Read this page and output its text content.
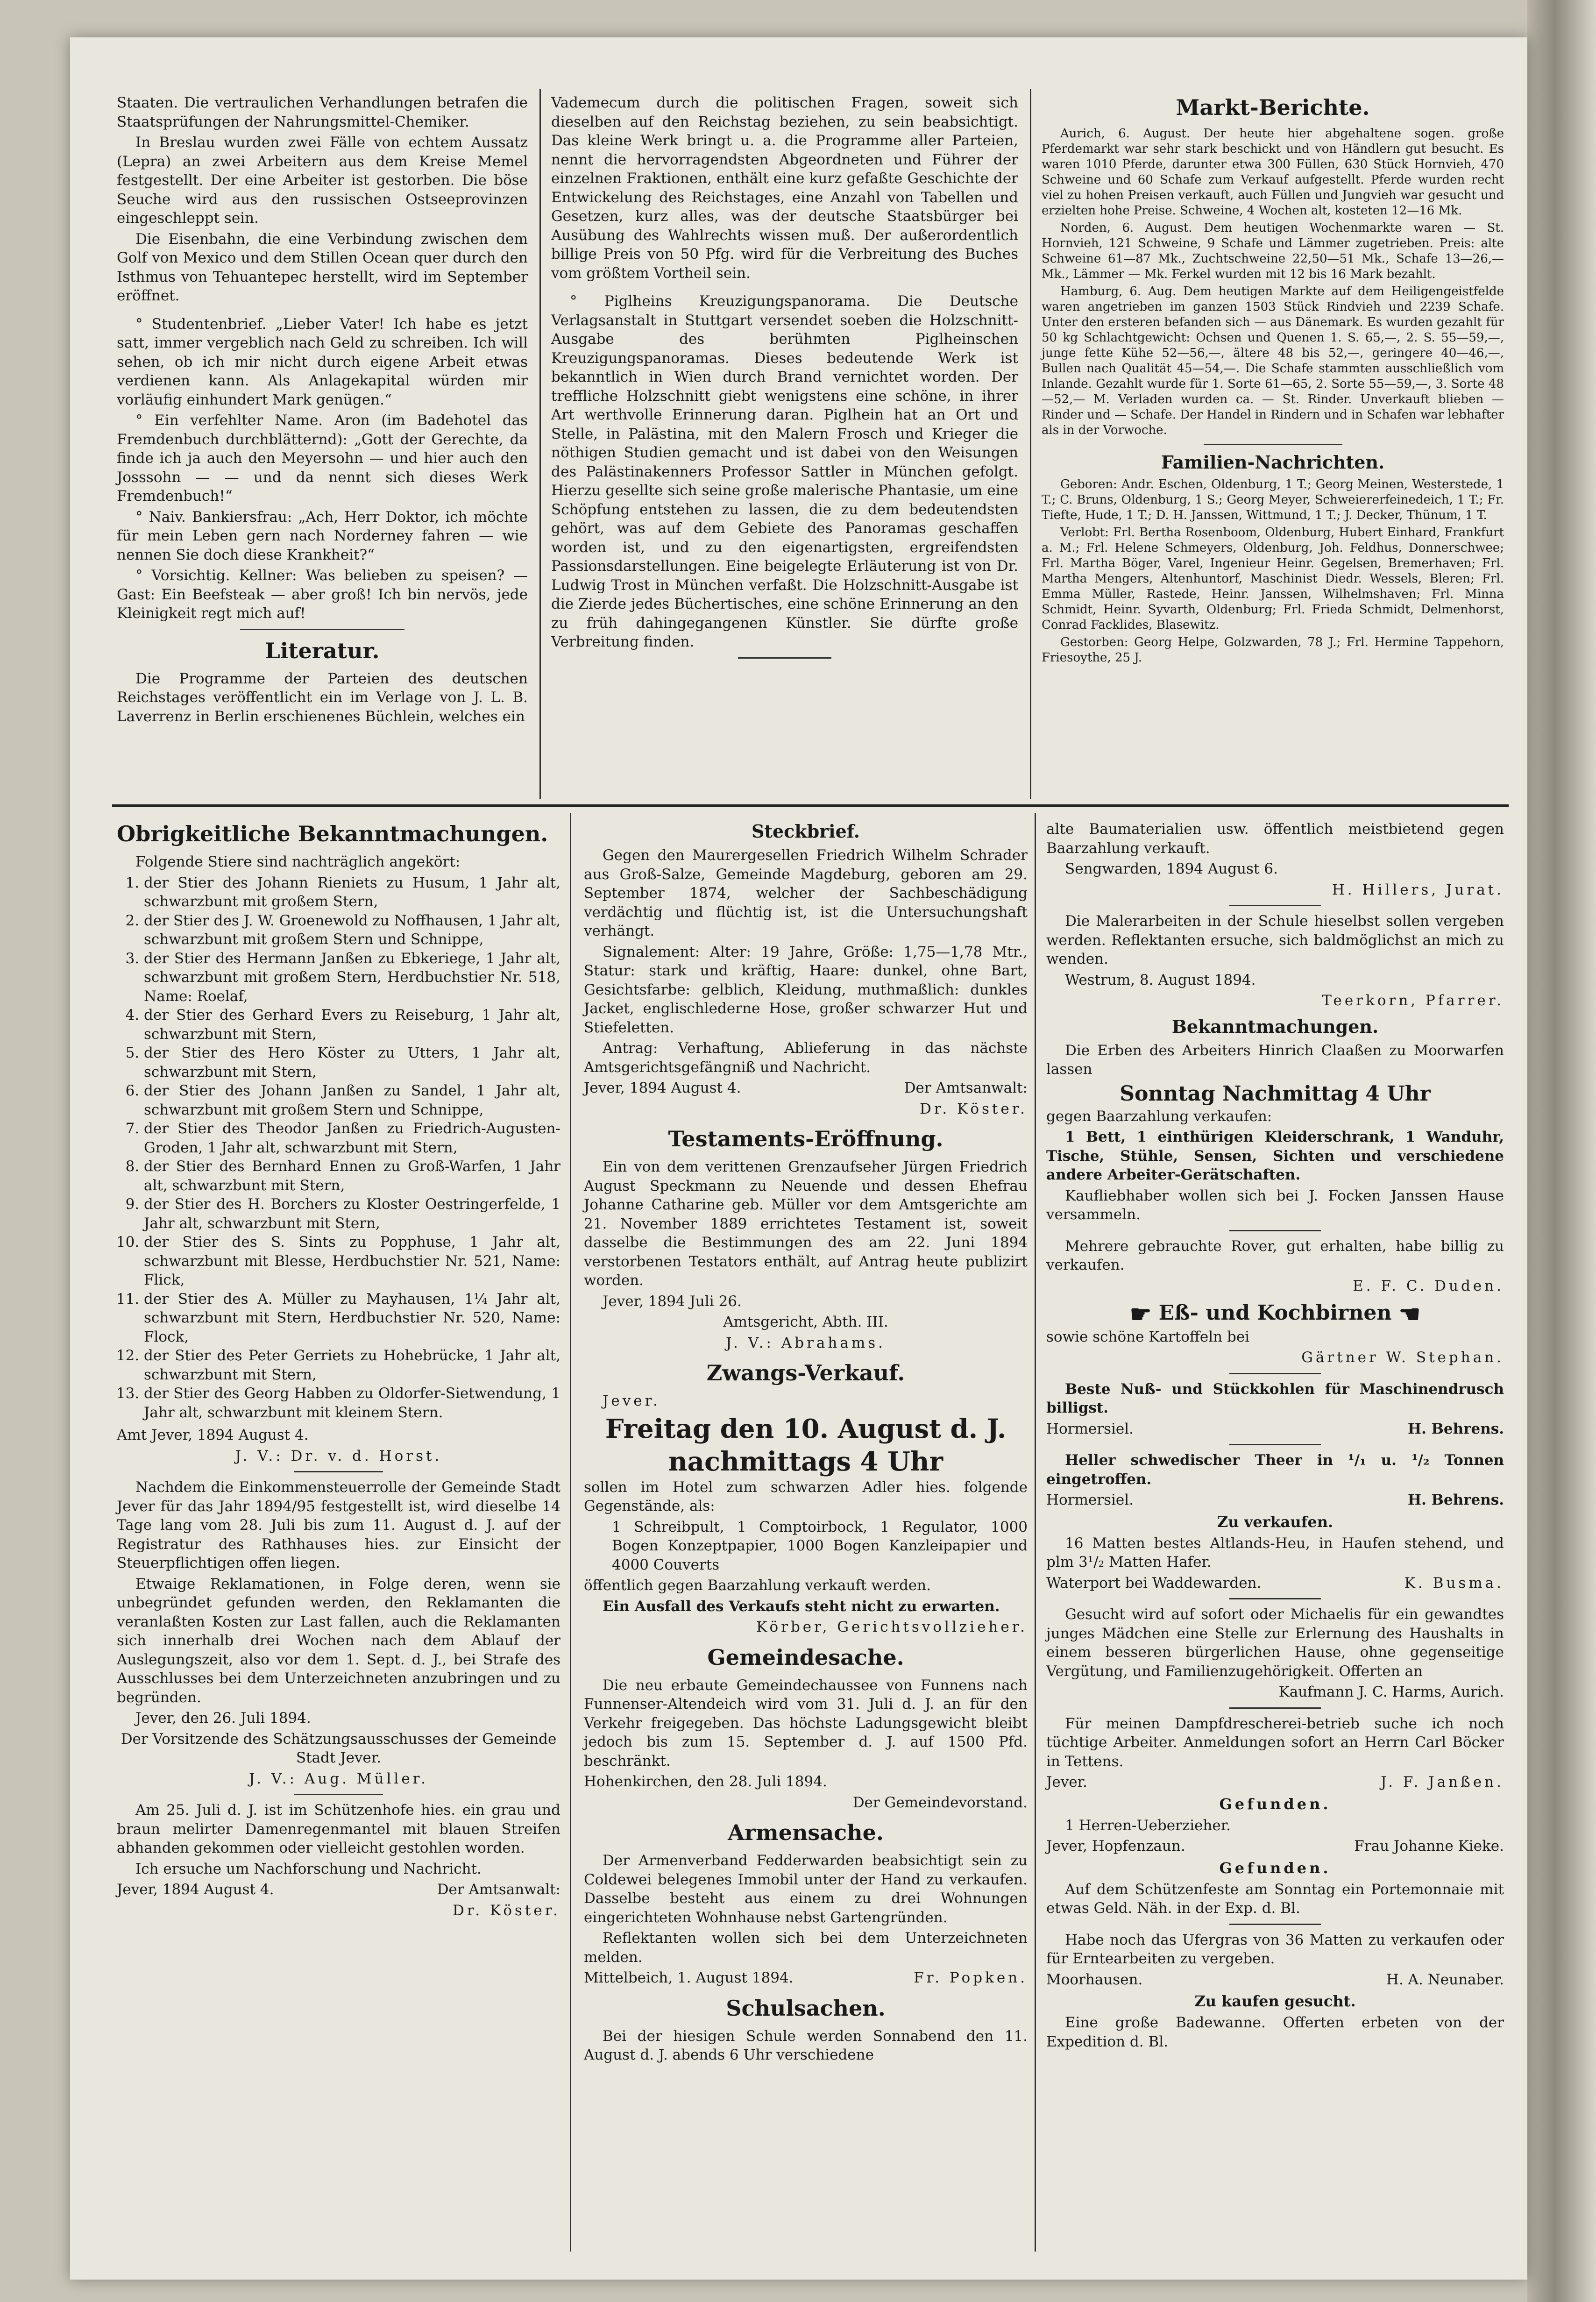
Staaten. Die vertraulichen Verhandlungen betrafen die Staatsprüfungen der Nahrungsmittel-Chemiker.

In Breslau wurden zwei Fälle von echtem Aussatz (Lepra) an zwei Arbeitern aus dem Kreise Memel festgestellt. Der eine Arbeiter ist gestorben. Die böse Seuche wird aus den russischen Ostseeprovinzen eingeschleppt sein.

Die Eisenbahn, die eine Verbindung zwischen dem Golf von Mexico und dem Stillen Ocean quer durch den Isthmus von Tehuantepec herstellt, wird im September eröffnet.

° Studentenbrief. „Lieber Vater! Ich habe es jetzt satt, immer vergeblich nach Geld zu schreiben. Ich will sehen, ob ich mir nicht durch eigene Arbeit etwas verdienen kann. Als Anlagekapital würden mir vorläufig einhundert Mark genügen.“

° Ein verfehlter Name. Aron (im Badehotel das Fremdenbuch durchblätternd): „Gott der Gerechte, da finde ich ja auch den Meyersohn — und hier auch den Josssohn — — und da nennt sich dieses Werk Fremdenbuch!“

° Naiv. Bankiersfrau: „Ach, Herr Doktor, ich möchte für mein Leben gern nach Norderney fahren — wie nennen Sie doch diese Krankheit?“

° Vorsichtig. Kellner: Was belieben zu speisen? — Gast: Ein Beefsteak — aber groß! Ich bin nervös, jede Kleinigkeit regt mich auf!

Literatur.

Die Programme der Parteien des deutschen Reichstages veröffentlicht ein im Verlage von J. L. B. Laverrenz in Berlin erschienenes Büchlein, welches ein

Vademecum durch die politischen Fragen, soweit sich dieselben auf den Reichstag beziehen, zu sein beabsichtigt. Das kleine Werk bringt u. a. die Programme aller Parteien, nennt die hervorragendsten Abgeordneten und Führer der einzelnen Fraktionen, enthält eine kurz gefaßte Geschichte der Entwickelung des Reichstages, eine Anzahl von Tabellen und Gesetzen, kurz alles, was der deutsche Staatsbürger bei Ausübung des Wahlrechts wissen muß. Der außerordentlich billige Preis von 50 Pfg. wird für die Verbreitung des Buches vom größtem Vortheil sein.

° Piglheins Kreuzigungspanorama. Die Deutsche Verlagsanstalt in Stuttgart versendet soeben die Holzschnitt-Ausgabe des berühmten Piglheinschen Kreuzigungspanoramas. Dieses bedeutende Werk ist bekanntlich in Wien durch Brand vernichtet worden. Der treffliche Holzschnitt giebt wenigstens eine schöne, in ihrer Art werthvolle Erinnerung daran. Piglhein hat an Ort und Stelle, in Palästina, mit den Malern Frosch und Krieger die nöthigen Studien gemacht und ist dabei von den Weisungen des Palästinakenners Professor Sattler in München gefolgt. Hierzu gesellte sich seine große malerische Phantasie, um eine Schöpfung entstehen zu lassen, die zu dem bedeutendsten gehört, was auf dem Gebiete des Panoramas geschaffen worden ist, und zu den eigenartigsten, ergreifendsten Passionsdarstellungen. Eine beigelegte Erläuterung ist von Dr. Ludwig Trost in München verfaßt. Die Holzschnitt-Ausgabe ist die Zierde jedes Büchertisches, eine schöne Erinnerung an den zu früh dahingegangenen Künstler. Sie dürfte große Verbreitung finden.

Markt-Berichte.

Aurich, 6. August. Der heute hier abgehaltene sogen. große Pferdemarkt war sehr stark beschickt und von Händlern gut besucht. Es waren 1010 Pferde, darunter etwa 300 Füllen, 630 Stück Hornvieh, 470 Schweine und 60 Schafe zum Verkauf aufgestellt. Pferde wurden recht viel zu hohen Preisen verkauft, auch Füllen und Jungvieh war gesucht und erzielten hohe Preise. Schweine, 4 Wochen alt, kosteten 12—16 Mk.

Norden, 6. August. Dem heutigen Wochenmarkte waren — St. Hornvieh, 121 Schweine, 9 Schafe und Lämmer zugetrieben. Preis: alte Schweine 61—87 Mk., Zuchtschweine 22,50—51 Mk., Schafe 13—26,— Mk., Lämmer — Mk. Ferkel wurden mit 12 bis 16 Mark bezahlt.

Hamburg, 6. Aug. Dem heutigen Markte auf dem Heiligengeistfelde waren angetrieben im ganzen 1503 Stück Rindvieh und 2239 Schafe. Unter den ersteren befanden sich — aus Dänemark. Es wurden gezahlt für 50 kg Schlachtgewicht: Ochsen und Quenen 1. S. 65,—, 2. S. 55—59,—, junge fette Kühe 52—56,—, ältere 48 bis 52,—, geringere 40—46,—, Bullen nach Qualität 45—54,—. Die Schafe stammten ausschließlich vom Inlande. Gezahlt wurde für 1. Sorte 61—65, 2. Sorte 55—59,—, 3. Sorte 48—52,— M. Verladen wurden ca. — St. Rinder. Unverkauft blieben — Rinder und — Schafe. Der Handel in Rindern und in Schafen war lebhafter als in der Vorwoche.

Familien-Nachrichten.

Geboren: Andr. Eschen, Oldenburg, 1 T.; Georg Meinen, Westerstede, 1 T.; C. Bruns, Oldenburg, 1 S.; Georg Meyer, Schweiererfeinedeich, 1 T.; Fr. Tiefte, Hude, 1 T.; D. H. Janssen, Wittmund, 1 T.; J. Decker, Thünum, 1 T.

Verlobt: Frl. Bertha Rosenboom, Oldenburg, Hubert Einhard, Frankfurt a. M.; Frl. Helene Schmeyers, Oldenburg, Joh. Feldhus, Donnerschwee; Frl. Martha Böger, Varel, Ingenieur Heinr. Gegelsen, Bremerhaven; Frl. Martha Mengers, Altenhuntorf, Maschinist Diedr. Wessels, Bleren; Frl. Emma Müller, Rastede, Heinr. Janssen, Wilhelmshaven; Frl. Minna Schmidt, Heinr. Syvarth, Oldenburg; Frl. Frieda Schmidt, Delmenhorst, Conrad Facklides, Blasewitz.

Gestorben: Georg Helpe, Golzwarden, 78 J.; Frl. Hermine Tappehorn, Friesoythe, 25 J.

Obrigkeitliche Bekanntmachungen.

Folgende Stiere sind nachträglich angekört:

1. der Stier des Johann Rieniets zu Husum, 1 Jahr alt, schwarzbunt mit großem Stern,
2. der Stier des J. W. Groenewold zu Noffhausen, 1 Jahr alt, schwarzbunt mit großem Stern und Schnippe,
3. der Stier des Hermann Janßen zu Ebkeriege, 1 Jahr alt, schwarzbunt mit großem Stern, Herdbuchstier Nr. 518, Name: Roelaf,
4. der Stier des Gerhard Evers zu Reiseburg, 1 Jahr alt, schwarzbunt mit Stern,
5. der Stier des Hero Köster zu Utters, 1 Jahr alt, schwarzbunt mit Stern,
6. der Stier des Johann Janßen zu Sandel, 1 Jahr alt, schwarzbunt mit großem Stern und Schnippe,
7. der Stier des Theodor Janßen zu Friedrich-Augusten-Groden, 1 Jahr alt, schwarzbunt mit Stern,
8. der Stier des Bernhard Ennen zu Groß-Warfen, 1 Jahr alt, schwarzbunt mit Stern,
9. der Stier des H. Borchers zu Kloster Oestringerfelde, 1 Jahr alt, schwarzbunt mit Stern,
10. der Stier des S. Sints zu Popphuse, 1 Jahr alt, schwarzbunt mit Blesse, Herdbuchstier Nr. 521, Name: Flick,
11. der Stier des A. Müller zu Mayhausen, 1¼ Jahr alt, schwarzbunt mit Stern, Herdbuchstier Nr. 520, Name: Flock,
12. der Stier des Peter Gerriets zu Hohebrücke, 1 Jahr alt, schwarzbunt mit Stern,
13. der Stier des Georg Habben zu Oldorfer-Sietwendung, 1 Jahr alt, schwarzbunt mit kleinem Stern.

Amt Jever, 1894 August 4.

J. V.: Dr. v. d. Horst.

Nachdem die Einkommensteuerrolle der Gemeinde Stadt Jever für das Jahr 1894/95 festgestellt ist, wird dieselbe 14 Tage lang vom 28. Juli bis zum 11. August d. J. auf der Registratur des Rathhauses hies. zur Einsicht der Steuerpflichtigen offen liegen.

Etwaige Reklamationen, in Folge deren, wenn sie unbegründet gefunden werden, den Reklamanten die veranlaßten Kosten zur Last fallen, auch die Reklamanten sich innerhalb drei Wochen nach dem Ablauf der Auslegungszeit, also vor dem 1. Sept. d. J., bei Strafe des Ausschlusses bei dem Unterzeichneten anzubringen und zu begründen.

Jever, den 26. Juli 1894.

Der Vorsitzende des Schätzungsausschusses der Gemeinde Stadt Jever.

J. V.: Aug. Müller.

Am 25. Juli d. J. ist im Schützenhofe hies. ein grau und braun melirter Damenregenmantel mit blauen Streifen abhanden gekommen oder vielleicht gestohlen worden.

Ich ersuche um Nachforschung und Nachricht.

Jever, 1894 August 4.	Der Amtsanwalt:

Dr. Köster.

Steckbrief.

Gegen den Maurergesellen Friedrich Wilhelm Schrader aus Groß-Salze, Gemeinde Magdeburg, geboren am 29. September 1874, welcher der Sachbeschädigung verdächtig und flüchtig ist, ist die Untersuchungshaft verhängt.

Signalement: Alter: 19 Jahre, Größe: 1,75—1,78 Mtr., Statur: stark und kräftig, Haare: dunkel, ohne Bart, Gesichtsfarbe: gelblich, Kleidung, muthmaßlich: dunkles Jacket, englischlederne Hose, großer schwarzer Hut und Stiefeletten.

Antrag: Verhaftung, Ablieferung in das nächste Amtsgerichtsgefängniß und Nachricht.

Jever, 1894 August 4.	Der Amtsanwalt:

Dr. Köster.

Testaments-Eröffnung.

Ein von dem verittenen Grenzaufseher Jürgen Friedrich August Speckmann zu Neuende und dessen Ehefrau Johanne Catharine geb. Müller vor dem Amtsgerichte am 21. November 1889 errichtetes Testament ist, soweit dasselbe die Bestimmungen des am 22. Juni 1894 verstorbenen Testators enthält, auf Antrag heute publizirt worden.

Jever, 1894 Juli 26.

Amtsgericht, Abth. III.

J. V.: Abrahams.

Zwangs-Verkauf.

Jever.

Freitag den 10. August d. J.
nachmittags 4 Uhr

sollen im Hotel zum schwarzen Adler hies. folgende Gegenstände, als:

1 Schreibpult, 1 Comptoirbock, 1 Regulator, 1000 Bogen Konzeptpapier, 1000 Bogen Kanzleipapier und 4000 Couverts

öffentlich gegen Baarzahlung verkauft werden.

Ein Ausfall des Verkaufs steht nicht zu erwarten.

Körber, Gerichtsvollzieher.

Gemeindesache.

Die neu erbaute Gemeindechaussee von Funnens nach Funnenser-Altendeich wird vom 31. Juli d. J. an für den Verkehr freigegeben. Das höchste Ladungsgewicht bleibt jedoch bis zum 15. September d. J. auf 1500 Pfd. beschränkt.

Hohenkirchen, den 28. Juli 1894.

Der Gemeindevorstand.

Armensache.

Der Armenverband Fedderwarden beabsichtigt sein zu Coldewei belegenes Immobil unter der Hand zu verkaufen. Dasselbe besteht aus einem zu drei Wohnungen eingerichteten Wohnhause nebst Gartengründen.

Reflektanten wollen sich bei dem Unterzeichneten melden.

Mittelbeich, 1. August 1894.	Fr. Popken.

Schulsachen.

Bei der hiesigen Schule werden Sonnabend den 11. August d. J. abends 6 Uhr verschiedene

alte Baumaterialien usw. öffentlich meistbietend gegen Baarzahlung verkauft.

Sengwarden, 1894 August 6.

H. Hillers, Jurat.

Die Malerarbeiten in der Schule hieselbst sollen vergeben werden. Reflektanten ersuche, sich baldmöglichst an mich zu wenden.

Westrum, 8. August 1894.

Teerkorn, Pfarrer.

Bekanntmachungen.

Die Erben des Arbeiters Hinrich Claaßen zu Moorwarfen lassen

Sonntag Nachmittag 4 Uhr

gegen Baarzahlung verkaufen:

1 Bett, 1 einthürigen Kleiderschrank, 1 Wanduhr, Tische, Stühle, Sensen, Sichten und verschiedene andere Arbeiter-Gerätschaften.

Kaufliebhaber wollen sich bei J. Focken Janssen Hause versammeln.

Mehrere gebrauchte Rover, gut erhalten, habe billig zu verkaufen.

E. F. C. Duden.

☛ Eß- und Kochbirnen ☚

sowie schöne Kartoffeln bei

Gärtner W. Stephan.

Beste Nuß- und Stückkohlen für Maschinendrusch billigst.

Hormersiel.	H. Behrens.

Heller schwedischer Theer in ¹/₁ u. ¹/₂ Tonnen eingetroffen.

Hormersiel.	H. Behrens.

Zu verkaufen.

16 Matten bestes Altlands-Heu, in Haufen stehend, und plm 3¹/₂ Matten Hafer.

Waterport bei Waddewarden.	K. Busma.

Gesucht wird auf sofort oder Michaelis für ein gewandtes junges Mädchen eine Stelle zur Erlernung des Haushalts in einem besseren bürgerlichen Hause, ohne gegenseitige Vergütung, und Familienzugehörigkeit. Offerten an

Kaufmann J. C. Harms, Aurich.

Für meinen Dampfdrescherei-betrieb suche ich noch tüchtige Arbeiter. Anmeldungen sofort an Herrn Carl Böcker in Tettens.

Jever.	J. F. Janßen.

Gefunden.

1 Herren-Ueberzieher.

Jever, Hopfenzaun.	Frau Johanne Kieke.

Gefunden.

Auf dem Schützenfeste am Sonntag ein Portemonnaie mit etwas Geld. Näh. in der Exp. d. Bl.

Habe noch das Ufergras von 36 Matten zu verkaufen oder für Erntearbeiten zu vergeben.

Moorhausen.	H. A. Neunaber.

Zu kaufen gesucht.

Eine große Badewanne. Offerten erbeten von der Expedition d. Bl.
